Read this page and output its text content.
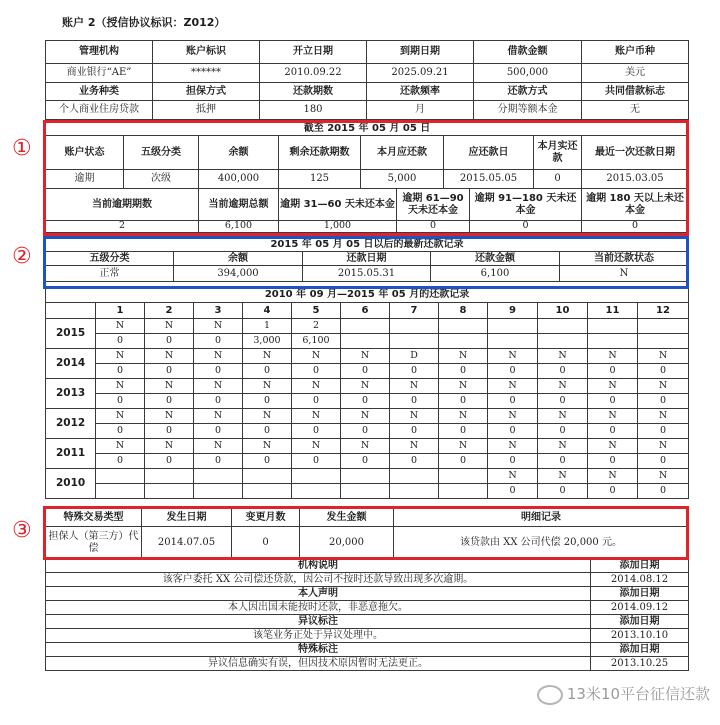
账户 2（授信协议标识：Z012）
管理机构	账户标识	开立日期	到期日期	借款金额	账户币种
商业银行“AE”	******	2010.09.22	2025.09.21	500,000	美元
业务种类	担保方式	还款期数	还款频率	还款方式	共同借款标志
个人商业住房贷款	抵押	180	月	分期等额本金	无
截至 2015 年 05 月 05 日									
账户状态	五级分类	余额	剩余还款期数	本月应还款		应还款日		本月实还款	最近一次还款日期
逾期	次级	400,000	125	5,000		2015.05.05		0	2015.03.05
当前逾期期数		当前逾期总额	逾期 31—60 天未还本金		逾期 61—90 天未还本金		逾期 91—180 天未还本金		逾期 180 天以上未还本金
2		6,100	1,000		0		0		0
2015 年 05 月 05 日以后的最新还款记录				
五级分类	余额	还款日期	还款金额	当前还款状态
正常	394,000	2015.05.31	6,100	N
2010 年 09 月—2015 年 05 月的还款记录												
	1	2	3	4	5	6	7	8	9	10	11	12
2015	N	N	N	1	2							
	0	0	0	3,000	6,100							
2014	N	N	N	N	N	N	D	N	N	N	N	N
	0	0	0	0	0	0	0	0	0	0	0	0
2013	N	N	N	N	N	N	N	N	N	N	N	N
	0	0	0	0	0	0	0	0	0	0	0	0
2012	N	N	N	N	N	N	N	N	N	N	N	N
	0	0	0	0	0	0	0	0	0	0	0	0
2011	N	N	N	N	N	N	N	N	N	N	N	N
	0	0	0	0	0	0	0	0	0	0	0	0
2010									N	N	N	N
									0	0	0	0
特殊交易类型	发生日期	变更月数	发生金额	明细记录
担保人（第三方）代偿	2014.07.05	0	20,000	该贷款由 XX 公司代偿 20,000 元。
机构说明	添加日期
该客户委托 XX 公司偿还贷款，因公司不按时还款导致出现多次逾期。	2014.08.12
本人声明	添加日期
本人因出国未能按时还款，非恶意拖欠。	2014.09.12
异议标注	添加日期
该笔业务正处于异议处理中。	2013.10.10
特殊标注	添加日期
异议信息确实有误，但因技术原因暂时无法更正。	2013.10.25
①
②
③
13米10平台征信还款
